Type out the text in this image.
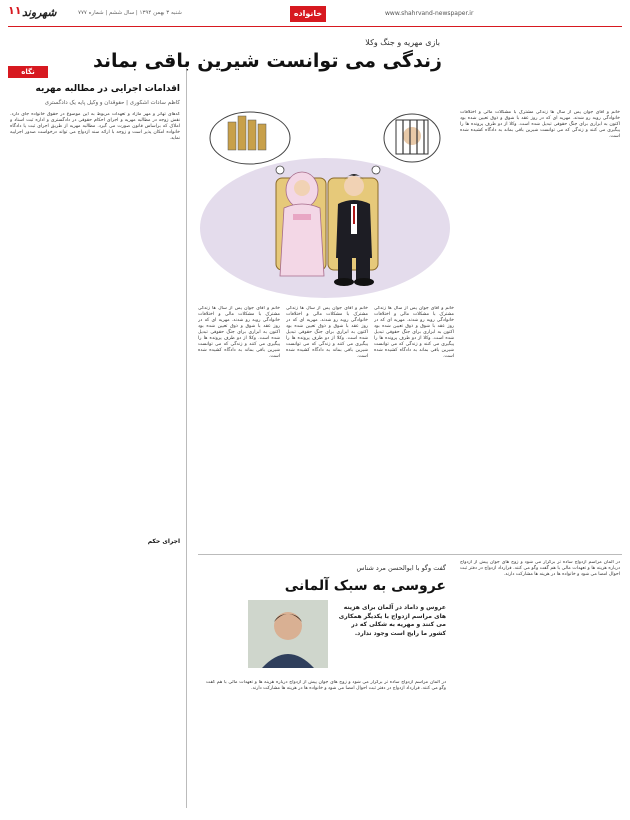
www.shahrvand-newspaper.ir
خانواده
۱۱ شهروند	شنبه ۳ بهمن ۱۳۹۴ | سال ششم | شماره ۷۷۷
نگاه
اقدامات اجرایی در مطالبه مهریه
کاظم سادات اشکوری | حقوقدان و وکیل پایه یک دادگستری
کدهای تهاتر و مهر مازاد و تعهدات مربوط به این موضوع در حقوق خانواده جای دارد. نقش زوجه در مطالبه مهریه و اجرای احکام حقوقی در دادگستری و اداره ثبت اسناد و املاک که براساس قانون صورت می گیرد. مطالبه مهریه از طریق اجرای ثبت یا دادگاه خانواده امکان پذیر است و زوجه با ارائه سند ازدواج می تواند درخواست صدور اجراییه نماید.
اجرای حکم
بازی مهریه و جنگ وکلا
زندگی می توانست شیرین باقی بماند
خانم و آقای جوان پس از سال ها زندگی مشترک با مشکلات مالی و اختلافات خانوادگی روبه رو شدند. مهریه ای که در روز عقد با شوق و ذوق تعیین شده بود اکنون به ابزاری برای جنگ حقوقی تبدیل شده است. وکلا از دو طرف پرونده ها را پیگیری می کنند و زندگی که می توانست شیرین باقی بماند به دادگاه کشیده شده است.
در آلمان مراسم ازدواج ساده تر برگزار می شود و زوج های جوان پیش از ازدواج درباره هزینه ها و تعهدات مالی با هم گفت وگو می کنند. قرارداد ازدواج در دفتر ثبت احوال امضا می شود و خانواده ها در هزینه ها مشارکت دارند.
خانم و آقای جوان پس از سال ها زندگی مشترک با مشکلات مالی و اختلافات خانوادگی روبه رو شدند. مهریه ای که در روز عقد با شوق و ذوق تعیین شده بود اکنون به ابزاری برای جنگ حقوقی تبدیل شده است. وکلا از دو طرف پرونده ها را پیگیری می کنند و زندگی که می توانست شیرین باقی بماند به دادگاه کشیده شده است.
خانم و آقای جوان پس از سال ها زندگی مشترک با مشکلات مالی و اختلافات خانوادگی روبه رو شدند. مهریه ای که در روز عقد با شوق و ذوق تعیین شده بود اکنون به ابزاری برای جنگ حقوقی تبدیل شده است. وکلا از دو طرف پرونده ها را پیگیری می کنند و زندگی که می توانست شیرین باقی بماند به دادگاه کشیده شده است.
خانم و آقای جوان پس از سال ها زندگی مشترک با مشکلات مالی و اختلافات خانوادگی روبه رو شدند. مهریه ای که در روز عقد با شوق و ذوق تعیین شده بود اکنون به ابزاری برای جنگ حقوقی تبدیل شده است. وکلا از دو طرف پرونده ها را پیگیری می کنند و زندگی که می توانست شیرین باقی بماند به دادگاه کشیده شده است.
گفت وگو با ابوالحسن مرد شناس
عروسی به سبک آلمانی
عروس و داماد در آلمان برای هزینه های مراسم ازدواج با یکدیگر همکاری می کنند و مهریه به شکلی که در کشور ما رایج است وجود ندارد.
در آلمان مراسم ازدواج ساده تر برگزار می شود و زوج های جوان پیش از ازدواج درباره هزینه ها و تعهدات مالی با هم گفت وگو می کنند. قرارداد ازدواج در دفتر ثبت احوال امضا می شود و خانواده ها در هزینه ها مشارکت دارند.
